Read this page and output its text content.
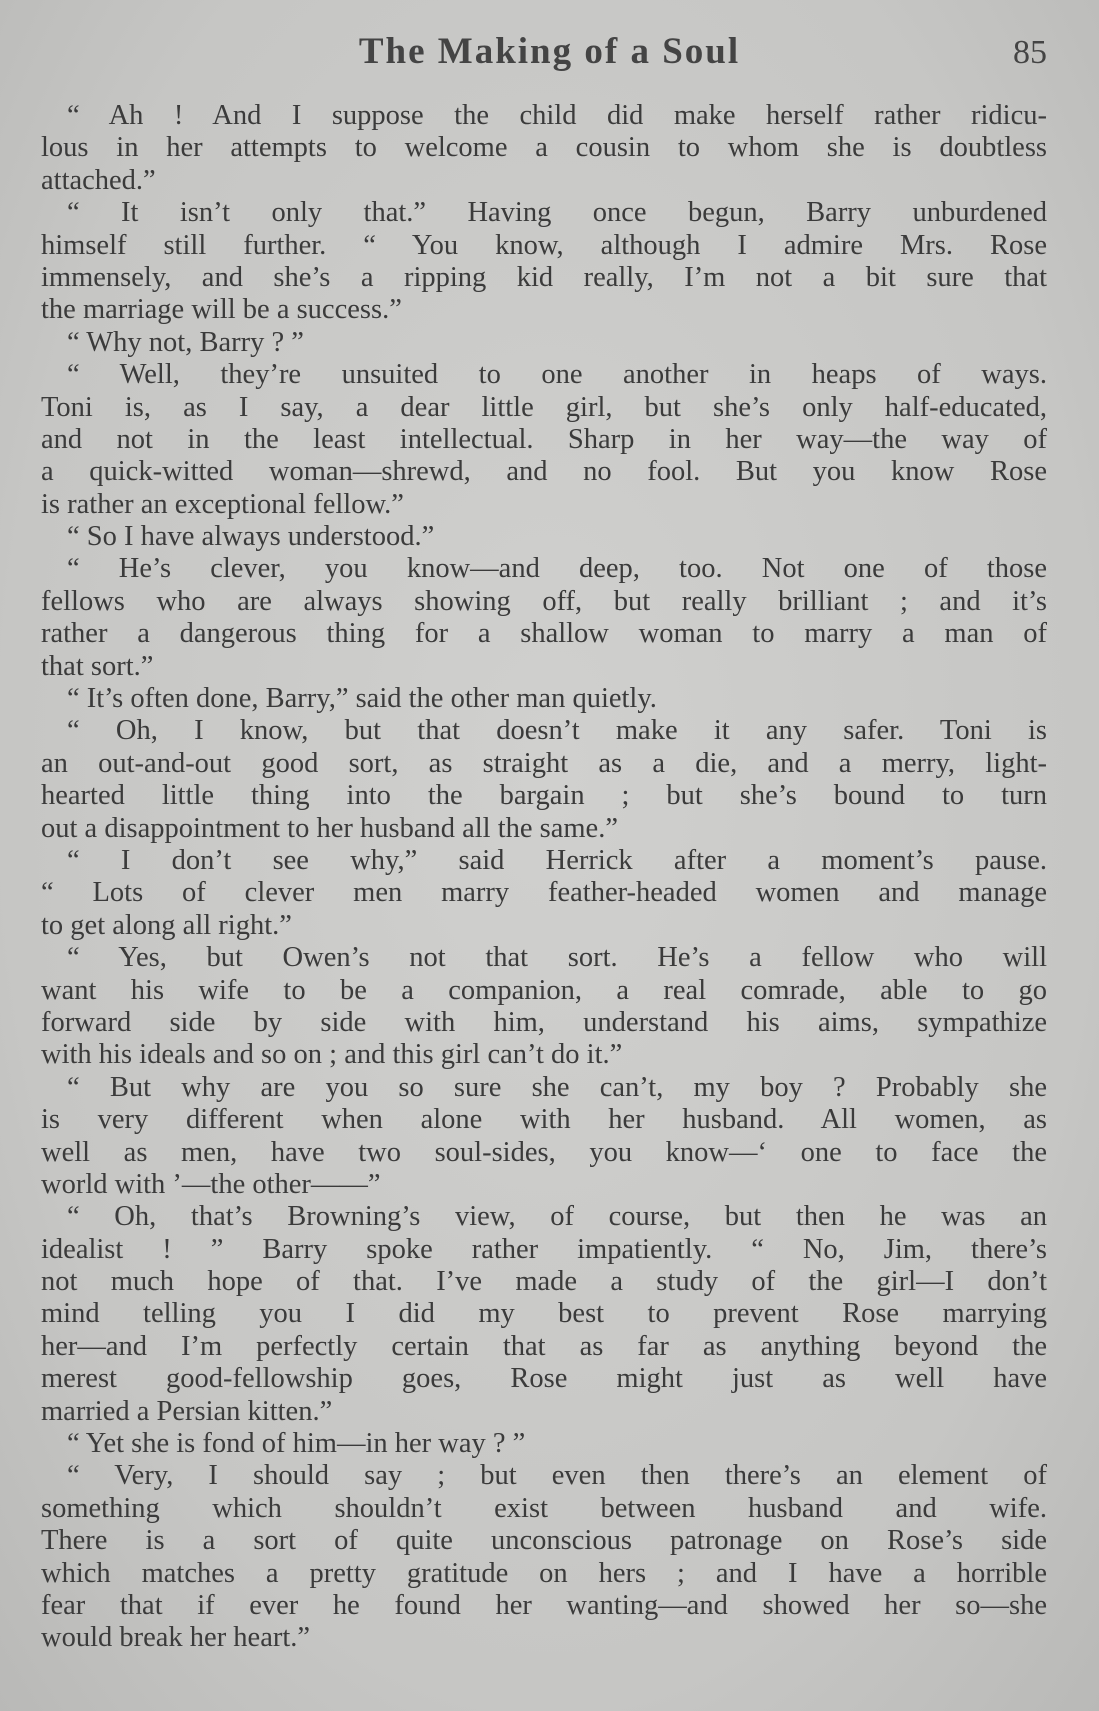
The Making of a Soul	85
“ Ah ! And I suppose the child did make herself rather ridicu-
lous in her attempts to welcome a cousin to whom she is doubtless
attached.”
“ It isn’t only that.” Having once begun, Barry unburdened
himself still further. “ You know, although I admire Mrs. Rose
immensely, and she’s a ripping kid really, I’m not a bit sure that
the marriage will be a success.”
“ Why not, Barry ? ”
“ Well, they’re unsuited to one another in heaps of ways.
Toni is, as I say, a dear little girl, but she’s only half-educated,
and not in the least intellectual. Sharp in her way—the way of
a quick-witted woman—shrewd, and no fool. But you know Rose
is rather an exceptional fellow.”
“ So I have always understood.”
“ He’s clever, you know—and deep, too. Not one of those
fellows who are always showing off, but really brilliant ; and it’s
rather a dangerous thing for a shallow woman to marry a man of
that sort.”
“ It’s often done, Barry,” said the other man quietly.
“ Oh, I know, but that doesn’t make it any safer. Toni is
an out-and-out good sort, as straight as a die, and a merry, light-
hearted little thing into the bargain ; but she’s bound to turn
out a disappointment to her husband all the same.”
“ I don’t see why,” said Herrick after a moment’s pause.
“ Lots of clever men marry feather-headed women and manage
to get along all right.”
“ Yes, but Owen’s not that sort. He’s a fellow who will
want his wife to be a companion, a real comrade, able to go
forward side by side with him, understand his aims, sympathize
with his ideals and so on ; and this girl can’t do it.”
“ But why are you so sure she can’t, my boy ? Probably she
is very different when alone with her husband. All women, as
well as men, have two soul-sides, you know—‘ one to face the
world with ’—the other——”
“ Oh, that’s Browning’s view, of course, but then he was an
idealist ! ” Barry spoke rather impatiently. “ No, Jim, there’s
not much hope of that. I’ve made a study of the girl—I don’t
mind telling you I did my best to prevent Rose marrying
her—and I’m perfectly certain that as far as anything beyond the
merest good-fellowship goes, Rose might just as well have
married a Persian kitten.”
“ Yet she is fond of him—in her way ? ”
“ Very, I should say ; but even then there’s an element of
something which shouldn’t exist between husband and wife.
There is a sort of quite unconscious patronage on Rose’s side
which matches a pretty gratitude on hers ; and I have a horrible
fear that if ever he found her wanting—and showed her so—she
would break her heart.”
